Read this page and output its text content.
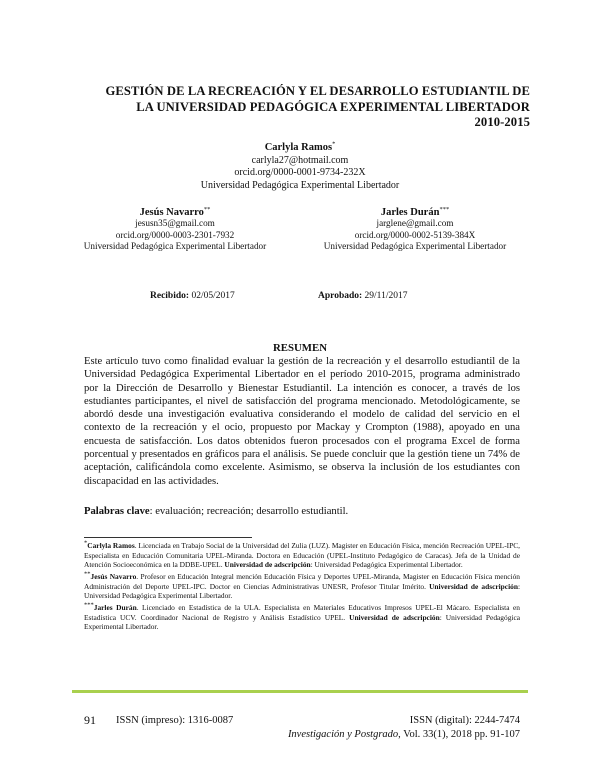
GESTIÓN DE LA RECREACIÓN Y EL DESARROLLO ESTUDIANTIL DE
LA UNIVERSIDAD PEDAGÓGICA EXPERIMENTAL LIBERTADOR
2010-2015
Carlyla Ramos*
carlyla27@hotmail.com
orcid.org/0000-0001-9734-232X
Universidad Pedagógica Experimental Libertador
Jesús Navarro**
jesusn35@gmail.com
orcid.org/0000-0003-2301-7932
Universidad Pedagógica Experimental Libertador
Jarles Durán***
jarglene@gmail.com
orcid.org/0000-0002-5139-384X
Universidad Pedagógica Experimental Libertador
Recibido: 02/05/2017	Aprobado: 29/11/2017
RESUMEN
Este artículo tuvo como finalidad evaluar la gestión de la recreación y el desarrollo estudiantil de la Universidad Pedagógica Experimental Libertador en el período 2010-2015, programa administrado por la Dirección de Desarrollo y Bienestar Estudiantil. La intención es conocer, a través de los estudiantes participantes, el nivel de satisfacción del programa mencionado. Metodológicamente, se abordó desde una investigación evaluativa considerando el modelo de calidad del servicio en el contexto de la recreación y el ocio, propuesto por Mackay y Crompton (1988), apoyado en una encuesta de satisfacción. Los datos obtenidos fueron procesados con el programa Excel de forma porcentual y presentados en gráficos para el análisis. Se puede concluir que la gestión tiene un 74% de aceptación, calificándola como excelente. Asimismo, se observa la inclusión de los estudiantes con discapacidad en las actividades.
Palabras clave: evaluación; recreación; desarrollo estudiantil.

*Carlyla Ramos. Licenciada en Trabajo Social de la Universidad del Zulia (LUZ). Magister en Educación Física, mención Recreación UPEL-IPC, Especialista en Educación Comunitaria UPEL-Miranda. Doctora en Educación (UPEL-Instituto Pedagógico de Caracas). Jefa de la Unidad de Atención Socioeconómica en la DDBE-UPEL. Universidad de adscripción: Universidad Pedagógica Experimental Libertador.

**Jesús Navarro. Profesor en Educación Integral mención Educación Física y Deportes UPEL-Miranda, Magister en Educación Física mención Administración del Deporte UPEL-IPC. Doctor en Ciencias Administrativas UNESR, Profesor Titular Imérito. Universidad de adscripción: Universidad Pedagógica Experimental Libertador.

***Jarles Durán. Licenciado en Estadística de la ULA. Especialista en Materiales Educativos Impresos UPEL-El Mácaro. Especialista en Estadística UCV. Coordinador Nacional de Registro y Análisis Estadístico UPEL. Universidad de adscripción: Universidad Pedagógica Experimental Libertador.

91 ISSN (impreso): 1316-0087	ISSN (digital): 2244-7474
Investigación y Postgrado, Vol. 33(1), 2018 pp. 91-107
